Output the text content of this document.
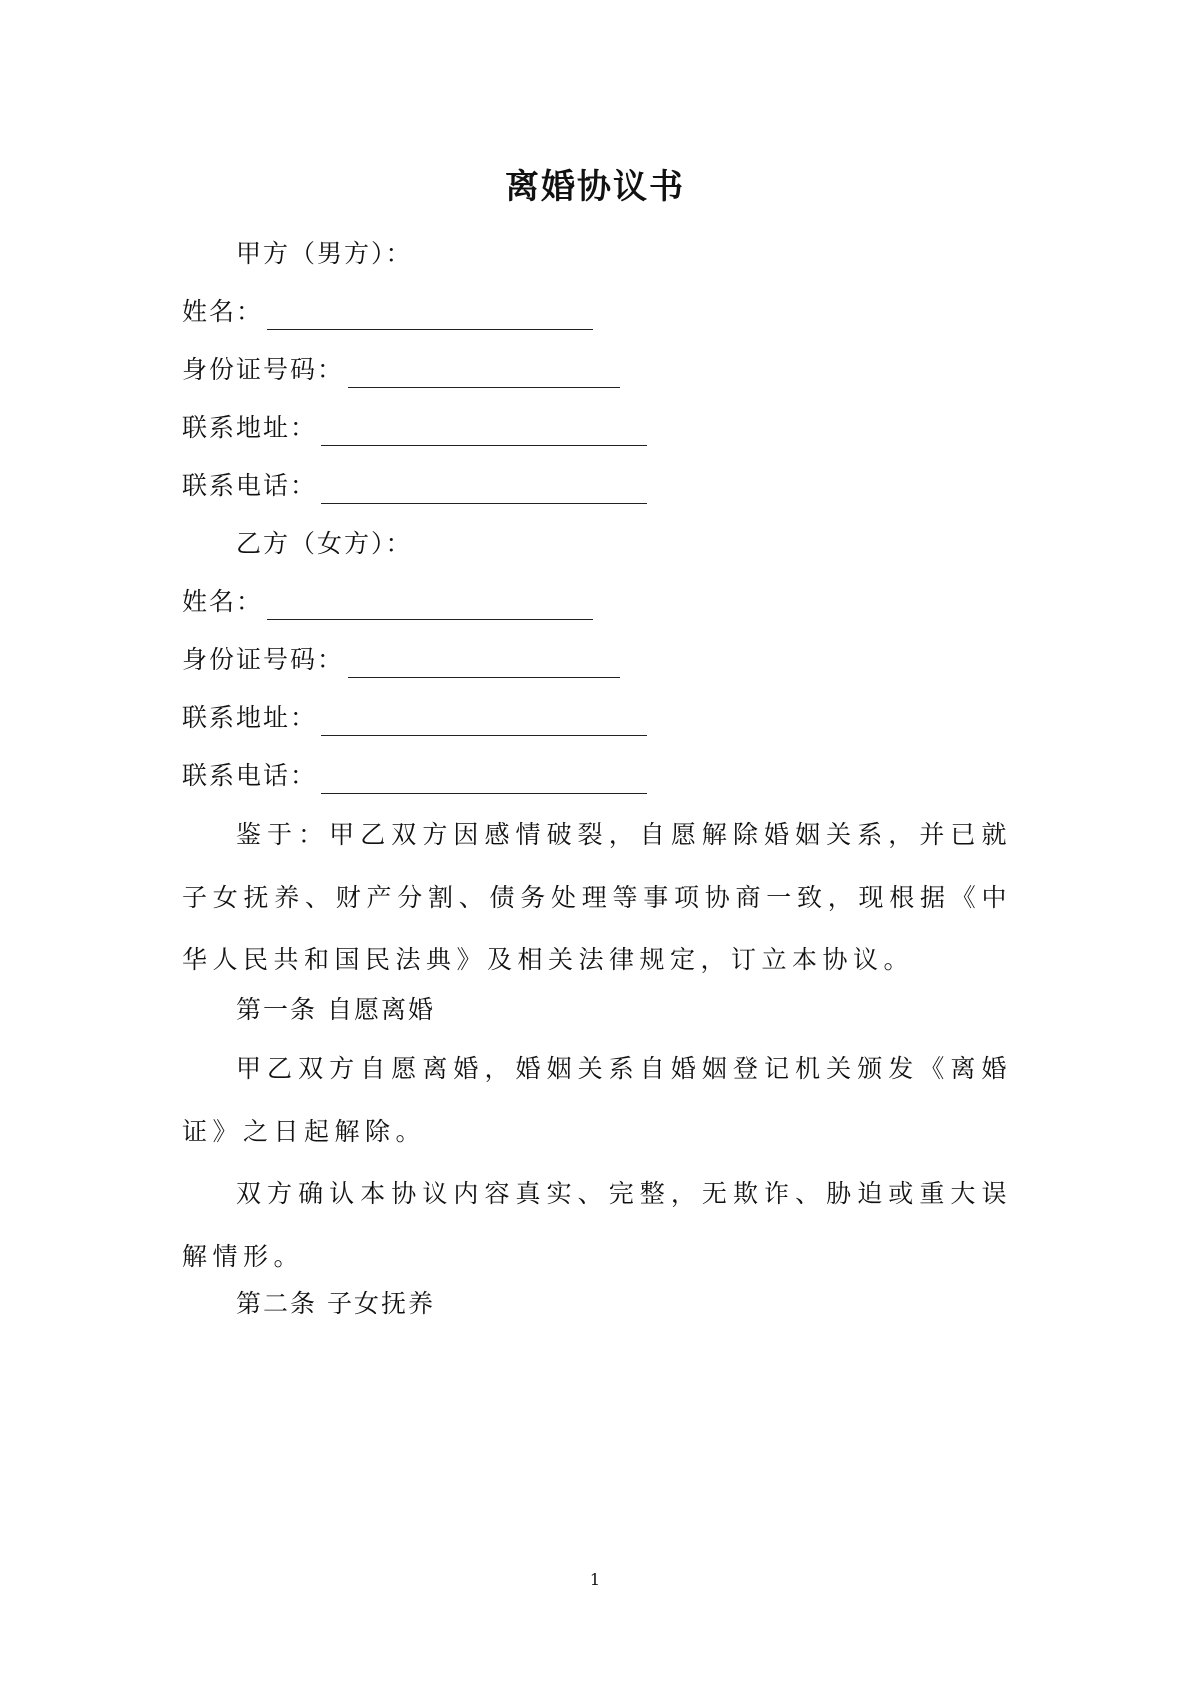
离婚协议书
甲方（男方）：
姓名：
身份证号码：
联系地址：
联系电话：
乙方（女方）：
姓名：
身份证号码：
联系地址：
联系电话：
鉴于：甲乙双方因感情破裂，自愿解除婚姻关系，并已就子女抚养、财产分割、债务处理等事项协商一致，现根据《中华人民共和国民法典》及相关法律规定，订立本协议。
第一条 自愿离婚
甲乙双方自愿离婚，婚姻关系自婚姻登记机关颁发《离婚证》之日起解除。
双方确认本协议内容真实、完整，无欺诈、胁迫或重大误解情形。
第二条 子女抚养
1
